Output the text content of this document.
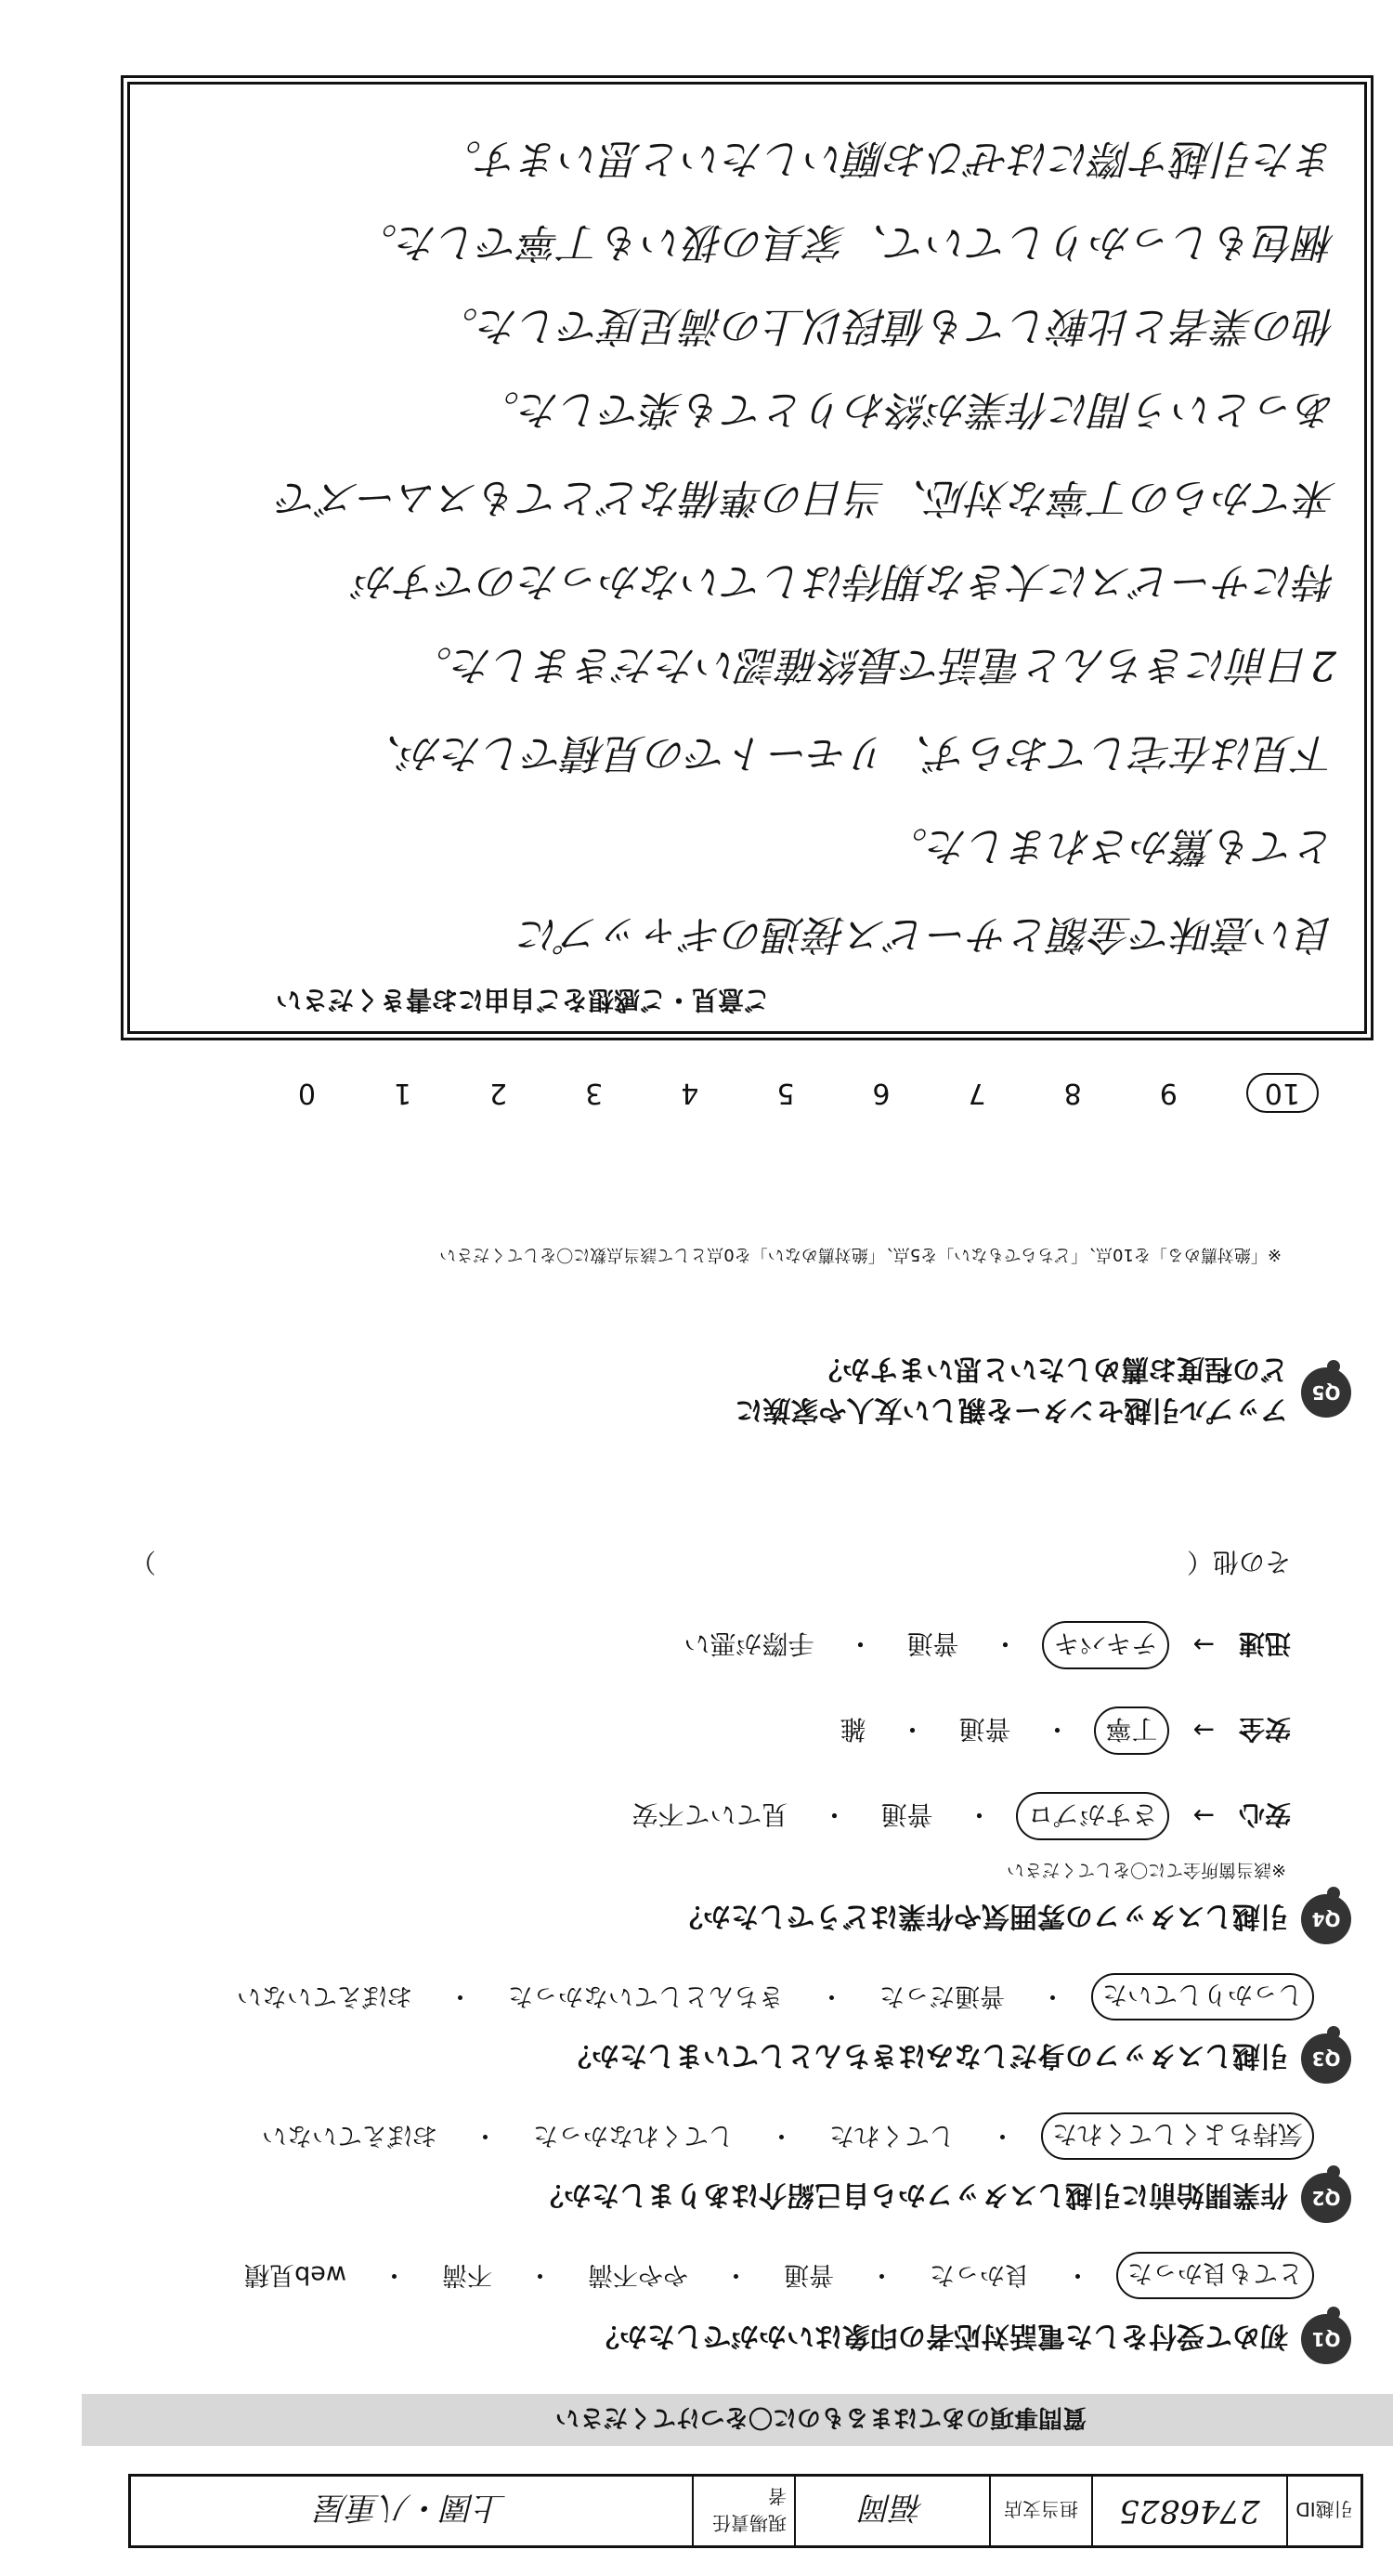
引越ID
2746825
担当支店
福岡
現場責任者
上園・八重屋
質問事項のあてはまるものに〇をつけてください
Q1
初めて受付をした電話対応者の印象はいかがでしたか？
とても良かった
・
良かった
・
普通
・
やや不満
・
不満
・
web見積
Q2
作業開始前に引越しスタッフから自己紹介はありましたか？
気持ちよくしてくれた
・
してくれた
・
してくれなかった
・
おぼえていない
Q3
引越しスタッフの身だしなみはきちんとしていましたか？
しっかりしていた
・
普通だった
・
きちんとしていなかった
・
おぼえていない
Q4
引越しスタッフの雰囲気や作業はどうでしたか？
※該当箇所全てに〇をしてください
安心
→
さすがプロ
・
普通
・
見ていて不安
安全
→
丁寧
・
普通
・
雑
迅速
→
テキパキ
・
普通
・
手際が悪い
その他（
）
Q5
アップル引越センターを親しい友人や家族に
どの程度お薦めしたいと思いますか？
※「絶対薦める」を10点、「どちらでもない」を5点、「絶対薦めない」を0点として該当点数に〇をしてください
10
9
8
7
6
5
4
3
2
1
0
ご意見・ご感想をご自由にお書きください
良い意味で金額とサービス接遇のギャップに
とても驚かされました。
下見は在宅しておらず、リモートでの見積でしたが、
2日前にきちんと電話で最終確認いただきました。
特にサービスに大きな期待はしていなかったのですが
来てからの丁寧な対応、当日の準備などとてもスムーズで
あっという間に作業が終わりとても楽でした。
他の業者と比較しても値段以上の満足度でした。
梱包もしっかりしていて、家具の扱いも丁寧でした。
また引越す際にはぜひお願いしたいと思います。
